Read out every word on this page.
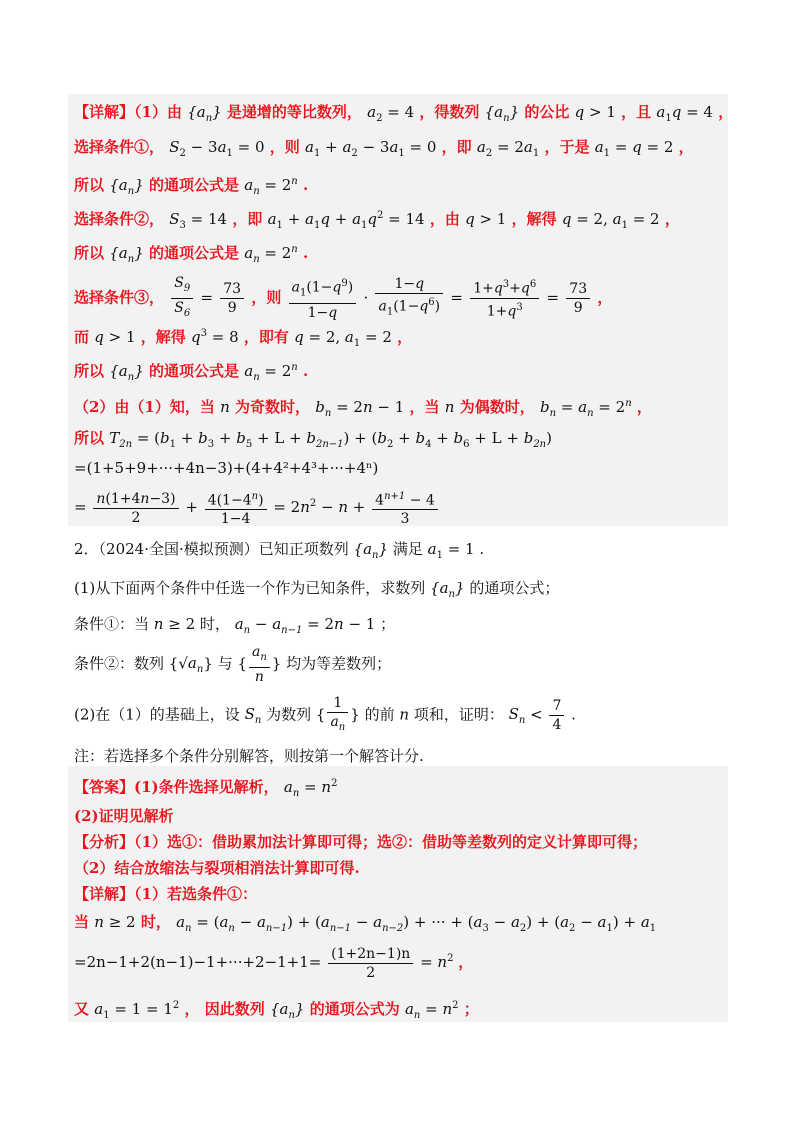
【详解】（1）由 $\{a_n\}$ 是递增的等比数列， $a_2 = 4$ ，得数列 $\{a_n\}$ 的公比 q > 1 ，且 $a_1q = 4$ ，
选择条件①， $S_2 - 3a_1 = 0$ ，则 $a_1 + a_2 - 3a_1 = 0$ ，即 $a_2 = 2a_1$ ，于是 $a_1 = q = 2$ ，
所以 $\{a_n\}$ 的通项公式是 $a_n = 2^n$ .
选择条件②， $S_3 = 14$ ，即 $a_1 + a_1q + a_1q^2 = 14$ ，由 q > 1 ，解得 q = 2, $a_1 = 2$ ，
所以 $\{a_n\}$ 的通项公式是 $a_n = 2^n$ .
选择条件③， $\frac{S_9}{S_6} = \frac{73}{9}$ ，则 $\frac{a_1(1-q^9)}{1-q} \cdot \frac{1-q}{a_1(1-q^6)} = \frac{1+q^3+q^6}{1+q^3} = \frac{73}{9}$ ，
而 q > 1 ，解得 $q^3 = 8$ ，即有 q = 2, $a_1 = 2$ ，
所以 $\{a_n\}$ 的通项公式是 $a_n = 2^n$ .
（2）由（1）知，当 n 为奇数时， $b_n = 2n - 1$ ，当 n 为偶数时， $b_n = a_n = 2^n$ ，
所以 $T_{2n} = (b_1 + b_3 + b_5 + L + b_{2n-1}) + (b_2 + b_4 + b_6 + L + b_{2n})$
=(1+5+9+···+4n−3)+(4+4²+4³+···+4ⁿ)
= $\frac{n(1+4n-3)}{2} + \frac{4(1-4^n)}{1-4} = 2n^2 - n + \frac{4^{n+1} - 4}{3}$
2．（2024·全国·模拟预测）已知正项数列 $\{a_n\}$ 满足 $a_1 = 1$ .
(1)从下面两个条件中任选一个作为已知条件，求数列 $\{a_n\}$ 的通项公式；
条件①：当 n ≥ 2 时， $a_n - a_{n-1} = 2n - 1$ ；
条件②：数列 $\{√a_n\}$ 与 { $\frac{a_n}{n}$ } 均为等差数列；
(2)在（1）的基础上，设 $S_n$ 为数列 { $\frac{1}{a_n}$ } 的前 n 项和，证明： $S_n < \frac{7}{4}$ .
注：若选择多个条件分别解答，则按第一个解答计分.
【答案】(1)条件选择见解析， $a_n = n^2$
(2)证明见解析
【分析】（1）选①：借助累加法计算即可得；选②：借助等差数列的定义计算即可得；
（2）结合放缩法与裂项相消法计算即可得.
【详解】（1）若选条件①：
当 n ≥ 2 时， $a_n = (a_n - a_{n-1}) + (a_{n-1} - a_{n-2})$ + ··· + $(a_3 - a_2) + (a_2 - a_1) + a_1$
$=2n-1+2(n-1)-1+\cdot\cdot\cdot+2-1+1= \frac{(1+2n-1)n}{2} = n^2$ ，
又 $a_1 = 1 = 1^2$ ， 因此数列 $\{a_n\}$ 的通项公式为 $a_n = n^2$ ；
